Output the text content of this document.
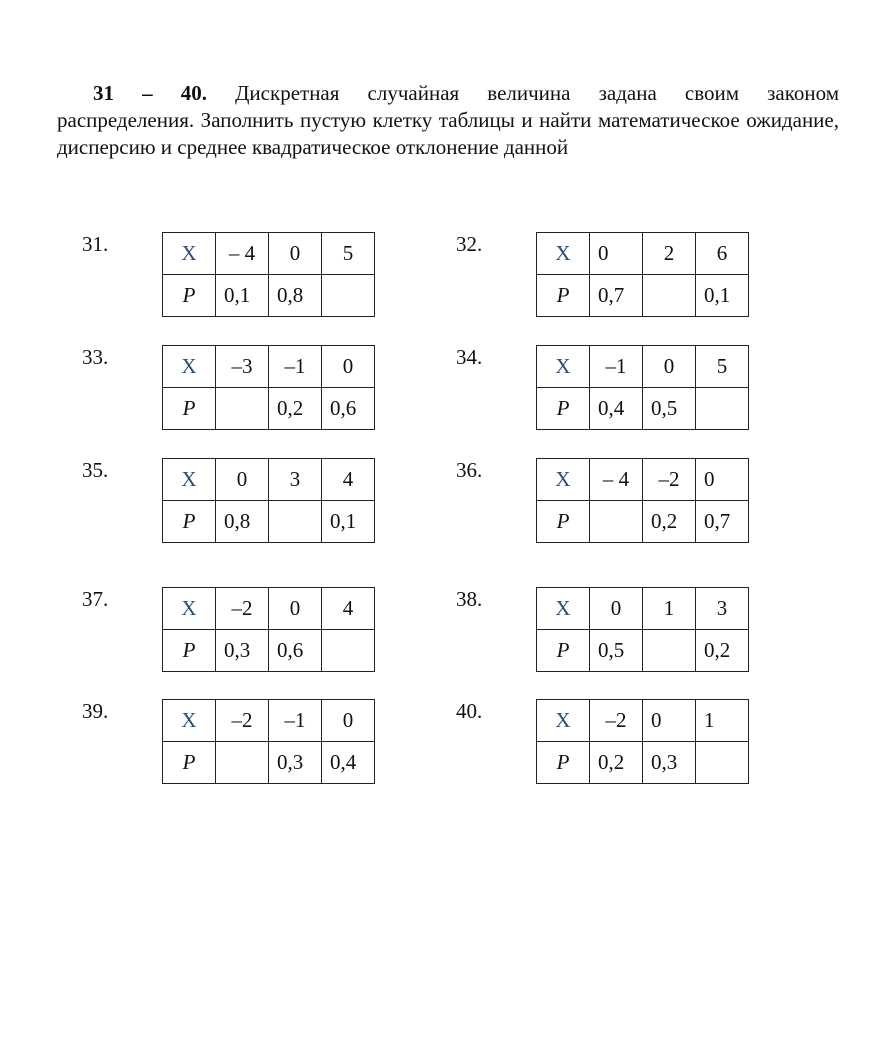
31 – 40. Дискретная случайная величина задана своим законом
распределения. Заполнить пустую клетку таблицы и найти математическое ожидание, дисперсию и среднее квадратическое отклонение данной

31.	X	– 4	0	5
P	0,1	0,8	
32.	X	0	2	6
P	0,7		0,1
33.	X	–3	–1	0
P		0,2	0,6
34.	X	–1	0	5
P	0,4	0,5	
35.	X	0	3	4
P	0,8		0,1
36.	X	– 4	–2	0
P		0,2	0,7
37.	X	–2	0	4
P	0,3	0,6	
38.	X	0	1	3
P	0,5		0,2
39.	X	–2	–1	0
P		0,3	0,4
40.	X	–2	0	1
P	0,2	0,3	
